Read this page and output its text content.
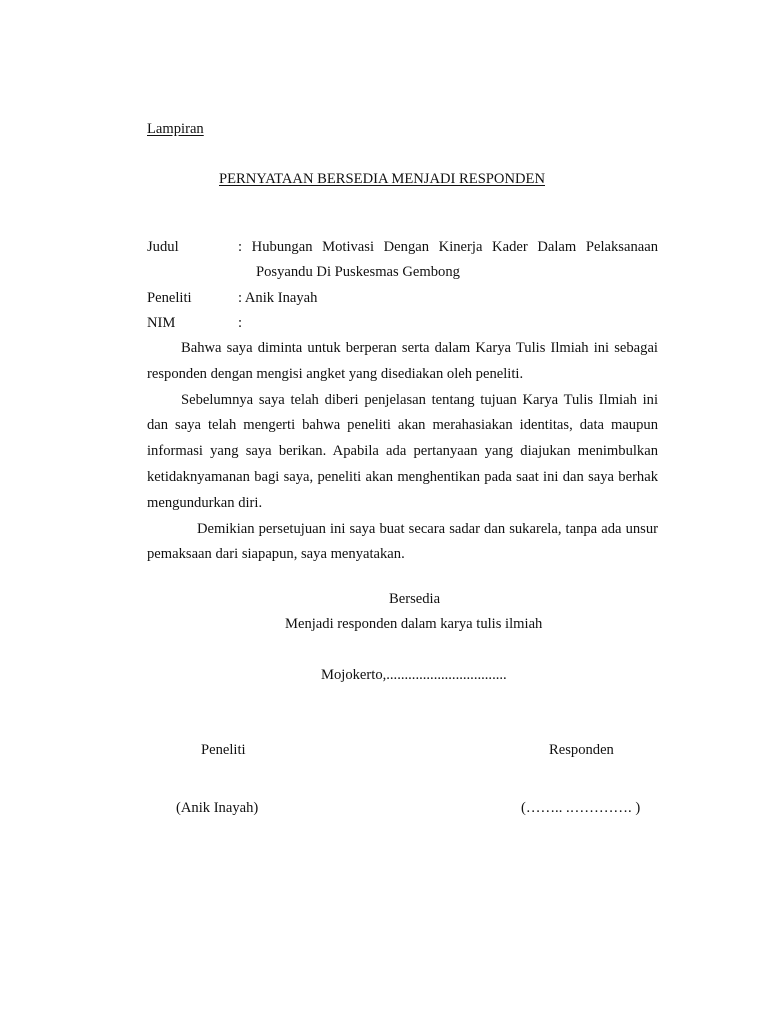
Lampiran
PERNYATAAN BERSEDIA MENJADI RESPONDEN
Judul	: Hubungan Motivasi Dengan Kinerja Kader Dalam Pelaksanaan
Posyandu Di Puskesmas Gembong
Peneliti	: Anik Inayah
NIM	:

Bahwa saya diminta untuk berperan serta dalam Karya Tulis Ilmiah ini sebagai responden dengan mengisi angket yang disediakan oleh peneliti.

Sebelumnya saya telah diberi penjelasan tentang tujuan Karya Tulis Ilmiah ini dan saya telah mengerti bahwa peneliti akan merahasiakan identitas, data maupun informasi yang saya berikan. Apabila ada pertanyaan yang diajukan menimbulkan ketidaknyamanan bagi saya, peneliti akan menghentikan pada saat ini dan saya berhak mengundurkan diri.

Demikian persetujuan ini saya buat secara sadar dan sukarela, tanpa ada unsur pemaksaan dari siapapun, saya menyatakan.

Bersedia
Menjadi responden dalam karya tulis ilmiah
Mojokerto,.................................
Peneliti	Responden
(Anik Inayah)	(…….. .…………. )
